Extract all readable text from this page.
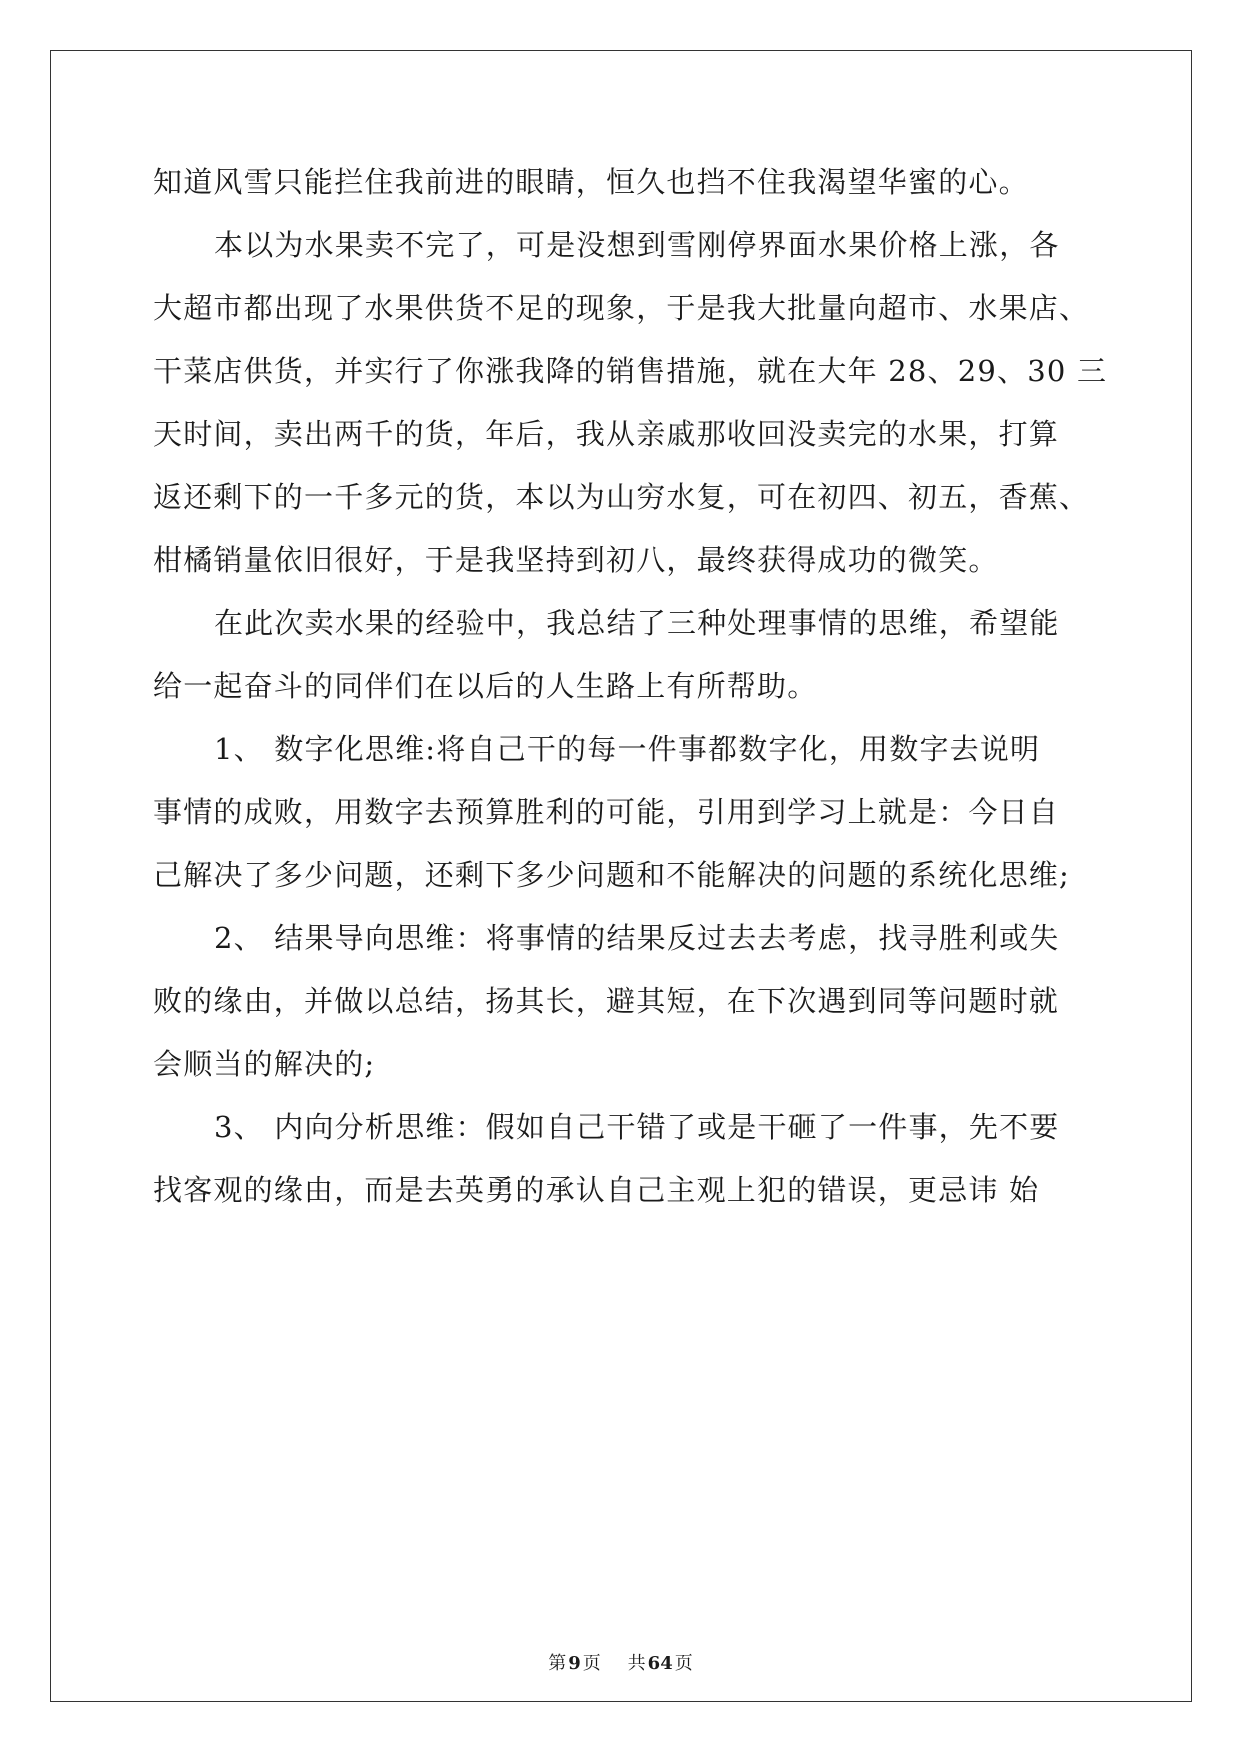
知道风雪只能拦住我前进的眼睛，恒久也挡不住我渴望华蜜的心。
本以为水果卖不完了，可是没想到雪刚停界面水果价格上涨，各
大超市都出现了水果供货不足的现象，于是我大批量向超市、水果店、
干菜店供货，并实行了你涨我降的销售措施，就在大年 28、29、30 三
天时间，卖出两千的货，年后，我从亲戚那收回没卖完的水果，打算
返还剩下的一千多元的货，本以为山穷水复，可在初四、初五，香蕉、
柑橘销量依旧很好，于是我坚持到初八，最终获得成功的微笑。
在此次卖水果的经验中，我总结了三种处理事情的思维，希望能
给一起奋斗的同伴们在以后的人生路上有所帮助。
1、 数字化思维:将自己干的每一件事都数字化，用数字去说明
事情的成败，用数字去预算胜利的可能，引用到学习上就是：今日自
己解决了多少问题，还剩下多少问题和不能解决的问题的系统化思维;
2、 结果导向思维：将事情的结果反过去去考虑，找寻胜利或失
败的缘由，并做以总结，扬其长，避其短，在下次遇到同等问题时就
会顺当的解决的;
3、 内向分析思维：假如自己干错了或是干砸了一件事，先不要
找客观的缘由，而是去英勇的承认自己主观上犯的错误，更忌讳 始
第 9 页 共 64 页
